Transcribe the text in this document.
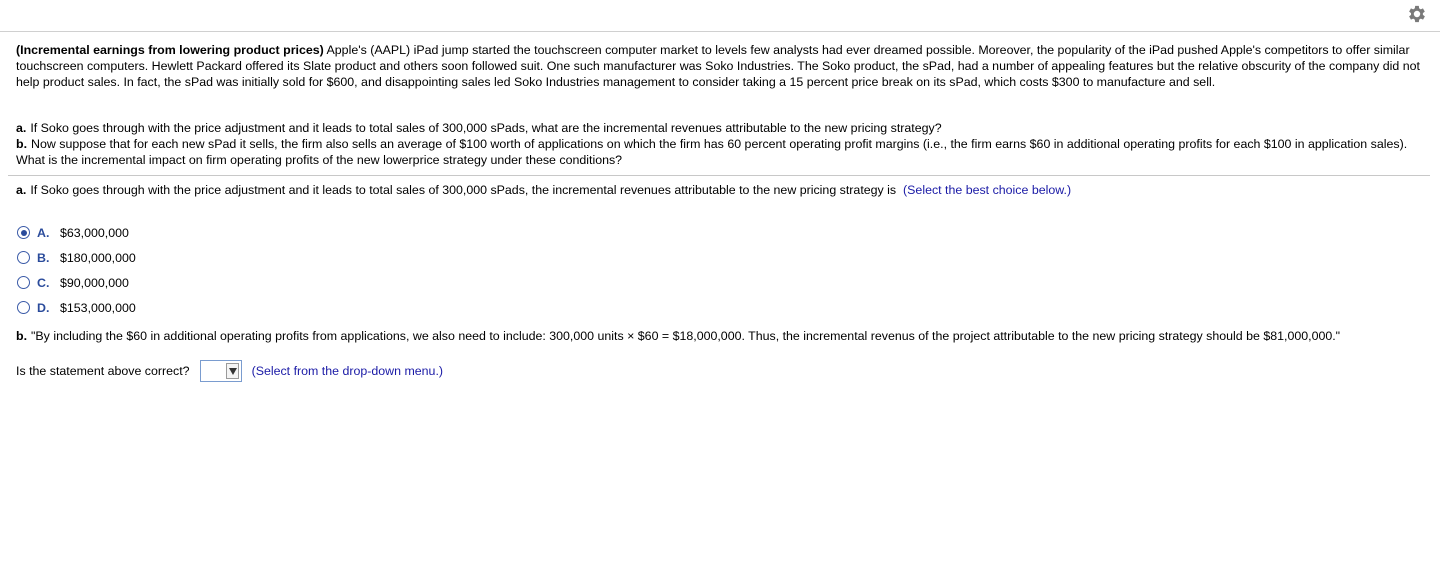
(Incremental earnings from lowering product prices) Apple's (AAPL) iPad jump started the touchscreen computer market to levels few analysts had ever dreamed possible. Moreover, the popularity of the iPad pushed Apple's competitors to offer similar touchscreen computers. Hewlett Packard offered its Slate product and others soon followed suit. One such manufacturer was Soko Industries. The Soko product, the sPad, had a number of appealing features but the relative obscurity of the company did not help product sales. In fact, the sPad was initially sold for $600, and disappointing sales led Soko Industries management to consider taking a 15 percent price break on its sPad, which costs $300 to manufacture and sell.
a. If Soko goes through with the price adjustment and it leads to total sales of 300,000 sPads, what are the incremental revenues attributable to the new pricing strategy?
b. Now suppose that for each new sPad it sells, the firm also sells an average of $100 worth of applications on which the firm has 60 percent operating profit margins (i.e., the firm earns $60 in additional operating profits for each $100 in application sales). What is the incremental impact on firm operating profits of the new lowerprice strategy under these conditions?
a. If Soko goes through with the price adjustment and it leads to total sales of 300,000 sPads, the incremental revenues attributable to the new pricing strategy is (Select the best choice below.)
A. $63,000,000
B. $180,000,000
C. $90,000,000
D. $153,000,000
b. "By including the $60 in additional operating profits from applications, we also need to include: 300,000 units × $60 = $18,000,000. Thus, the incremental revenus of the project attributable to the new pricing strategy should be $81,000,000."
Is the statement above correct?	(Select from the drop-down menu.)
